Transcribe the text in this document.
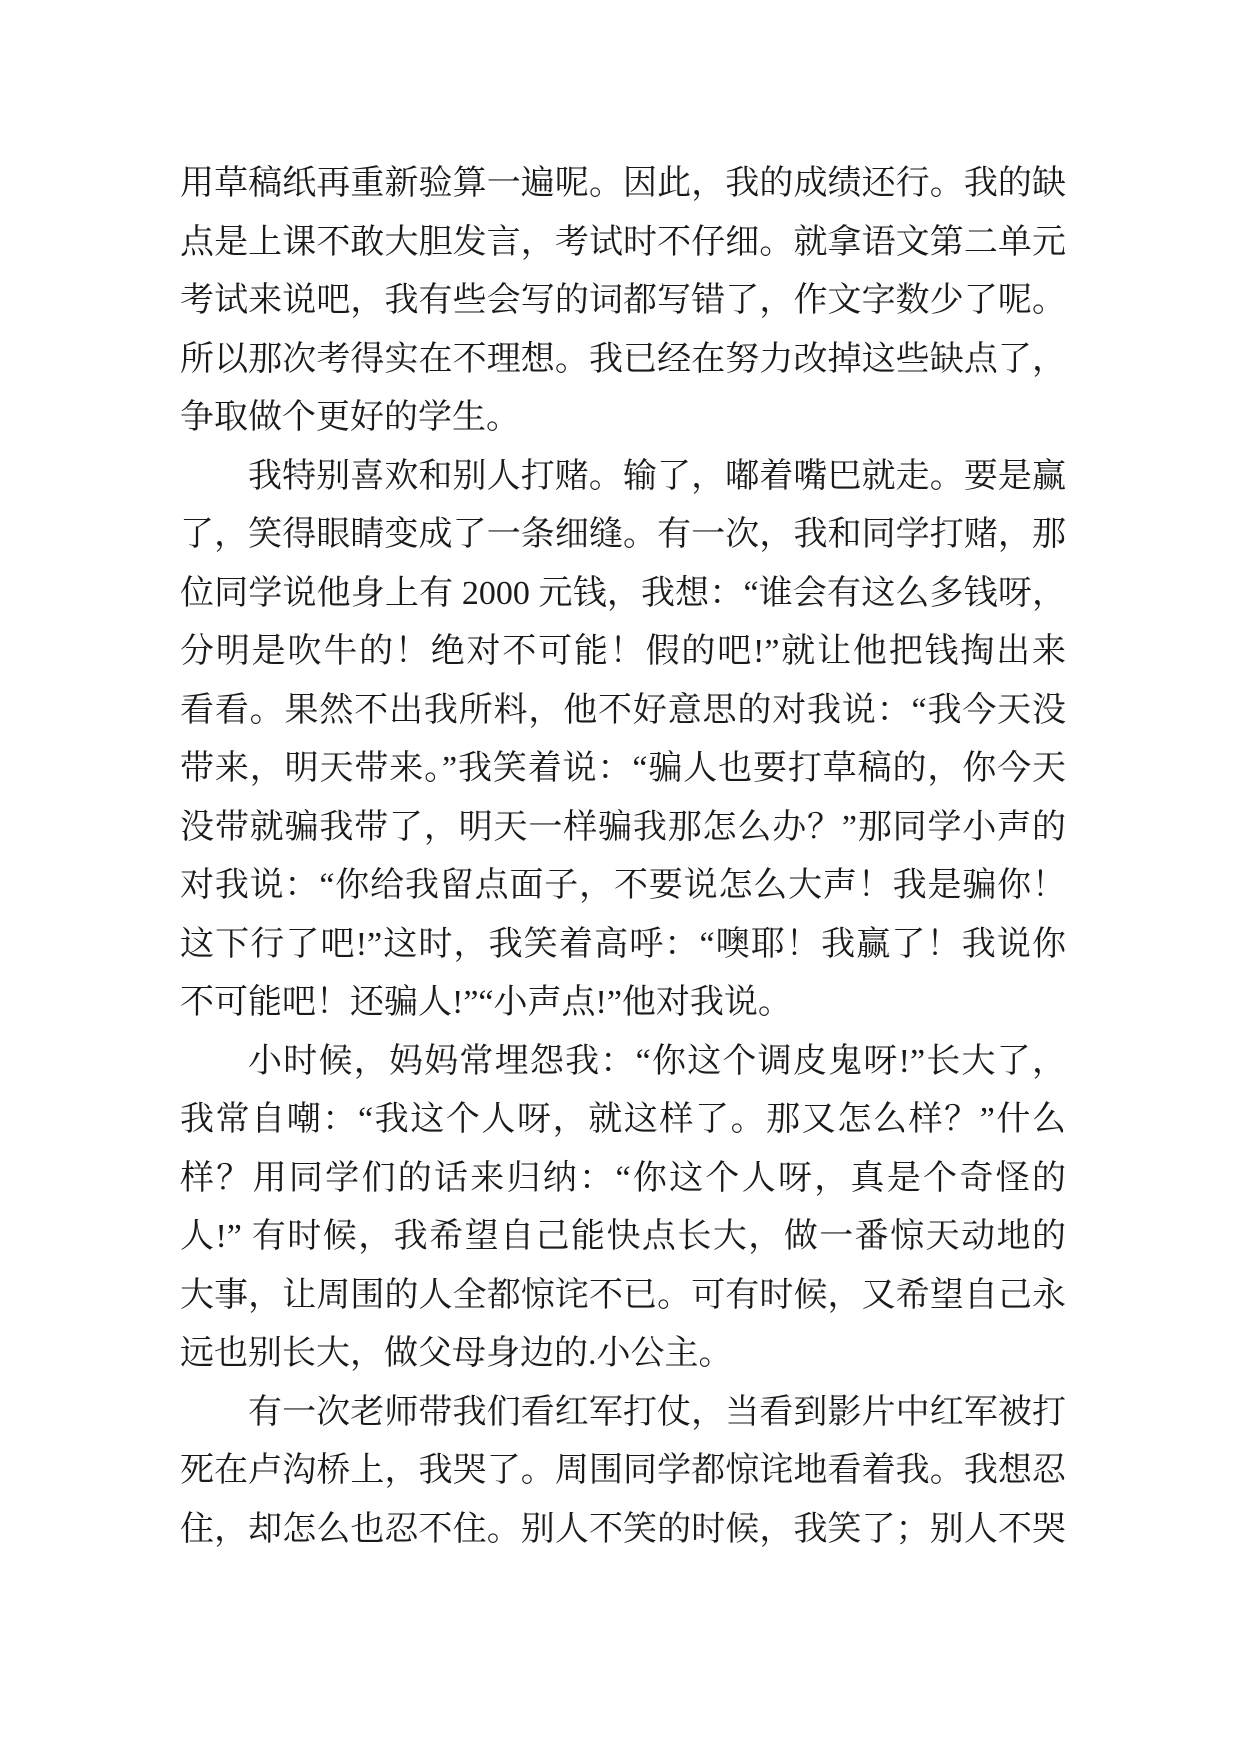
用草稿纸再重新验算一遍呢。因此，我的成绩还行。我的缺
点是上课不敢大胆发言，考试时不仔细。就拿语文第二单元
考试来说吧，我有些会写的词都写错了，作文字数少了呢。
所以那次考得实在不理想。我已经在努力改掉这些缺点了，
争取做个更好的学生。
我特别喜欢和别人打赌。输了，嘟着嘴巴就走。要是赢
了，笑得眼睛变成了一条细缝。有一次，我和同学打赌，那
位同学说他身上有 2000 元钱，我想：“谁会有这么多钱呀，
分明是吹牛的！绝对不可能！假的吧!”就让他把钱掏出来
看看。果然不出我所料，他不好意思的对我说：“我今天没
带来，明天带来。”我笑着说：“骗人也要打草稿的，你今天
没带就骗我带了，明天一样骗我那怎么办？”那同学小声的
对我说：“你给我留点面子，不要说怎么大声！我是骗你！
这下行了吧!”这时，我笑着高呼：“噢耶！我赢了！我说你
不可能吧！还骗人!”“小声点!”他对我说。
小时候，妈妈常埋怨我：“你这个调皮鬼呀!”长大了，
我常自嘲：“我这个人呀，就这样了。那又怎么样？”什么
样？用同学们的话来归纳：“你这个人呀，真是个奇怪的
人!” 有时候，我希望自己能快点长大，做一番惊天动地的
大事，让周围的人全都惊诧不已。可有时候，又希望自己永
远也别长大，做父母身边的.小公主。
有一次老师带我们看红军打仗，当看到影片中红军被打
死在卢沟桥上，我哭了。周围同学都惊诧地看着我。我想忍
住，却怎么也忍不住。别人不笑的时候，我笑了；别人不哭
